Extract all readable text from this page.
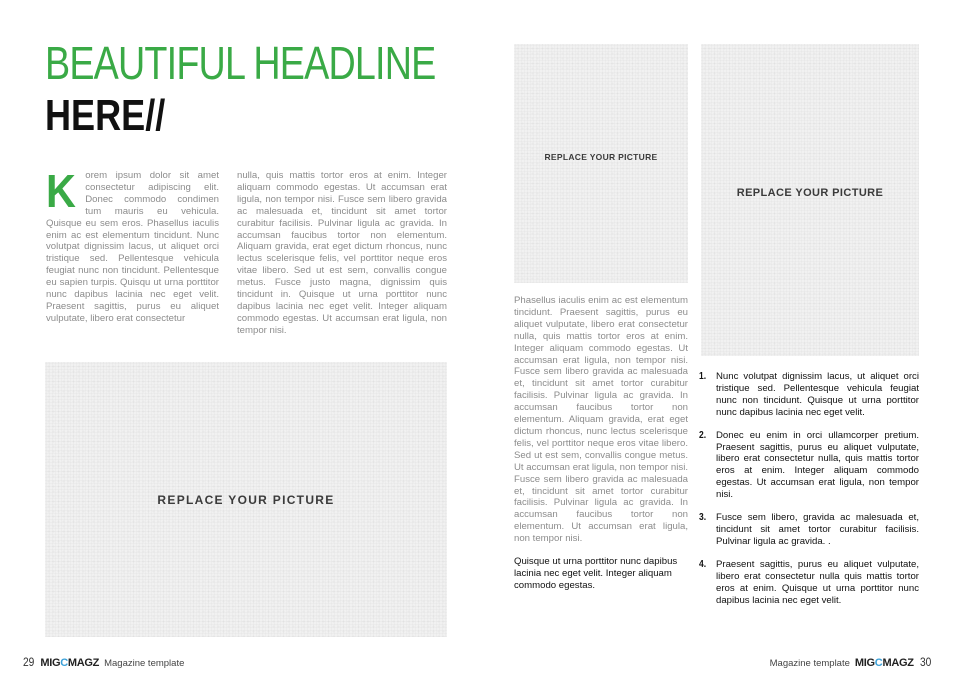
BEAUTIFUL HEADLINE
HERE//
Korem ipsum dolor sit amet consectetur adipiscing elit. Donec commodo condimen tum mauris eu vehicula. Quisque eu sem eros. Phasellus iaculis enim ac est elementum tincidunt. Nunc volutpat dignissim lacus, ut aliquet orci tristique sed. Pellentesque vehicula feugiat nunc non tincidunt. Pellentesque eu sapien turpis. Quisqu ut urna porttitor nunc dapibus lacinia nec eget velit. Praesent sagittis, purus eu aliquet vulputate, libero erat consectetur
nulla, quis mattis tortor eros at enim. Integer aliquam commodo egestas. Ut accumsan erat ligula, non tempor nisi. Fusce sem libero gravida ac malesuada et, tincidunt sit amet tortor curabitur facilisis. Pulvinar ligula ac gravida. In accumsan faucibus tortor non elementum. Aliquam gravida, erat eget dictum rhoncus, nunc lectus scelerisque felis, vel porttitor neque eros vitae libero. Sed ut est sem, convallis congue metus. Fusce justo magna, dignissim quis tincidunt in. Quisque ut urna porttitor nunc dapibus lacinia nec eget velit. Integer aliquam commodo egestas. Ut accumsan erat ligula, non tempor nisi.
REPLACE YOUR PICTURE
REPLACE YOUR PICTURE
REPLACE YOUR PICTURE
Phasellus iaculis enim ac est elementum tincidunt. Praesent sagittis, purus eu aliquet vulputate, libero erat consectetur nulla, quis mattis tortor eros at enim. Integer aliquam commodo egestas. Ut accumsan erat ligula, non tempor nisi. Fusce sem libero gravida ac malesuada et, tincidunt sit amet tortor curabitur facilisis. Pulvinar ligula ac gravida. In accumsan faucibus tortor non elementum. Aliquam gravida, erat eget dictum rhoncus, nunc lectus scelerisque felis, vel porttitor neque eros vitae libero. Sed ut est sem, convallis congue metus. Ut accumsan erat ligula, non tempor nisi. Fusce sem libero gravida ac malesuada et, tincidunt sit amet tortor curabitur facilisis. Pulvinar ligula ac gravida. In accumsan faucibus tortor non elementum. Ut accumsan erat ligula, non tempor nisi.
Quisque ut urna porttitor nunc dapibus lacinia nec eget velit. Integer aliquam commodo egestas.
1.	Nunc volutpat dignissim lacus, ut aliquet orci tristique sed. Pellentesque vehicula feugiat nunc non tincidunt. Quisque ut urna porttitor nunc dapibus lacinia nec eget velit.
2.	Donec eu enim in orci ullamcorper pretium. Praesent sagittis, purus eu aliquet vulputate, libero erat consectetur nulla, quis mattis tortor eros at enim. Integer aliquam commodo egestas. Ut accumsan erat ligula, non tempor nisi.
3.	Fusce sem libero, gravida ac malesuada et, tincidunt sit amet tortor curabitur facilisis. Pulvinar ligula ac gravida. .
4.	Praesent sagittis, purus eu aliquet vulputate, libero erat consectetur nulla quis mattis tortor eros at enim. Quisque ut urna porttitor nunc dapibus lacinia nec eget velit.
29 MIGCMAGZ Magazine template	Magazine template MIGCMAGZ 30
